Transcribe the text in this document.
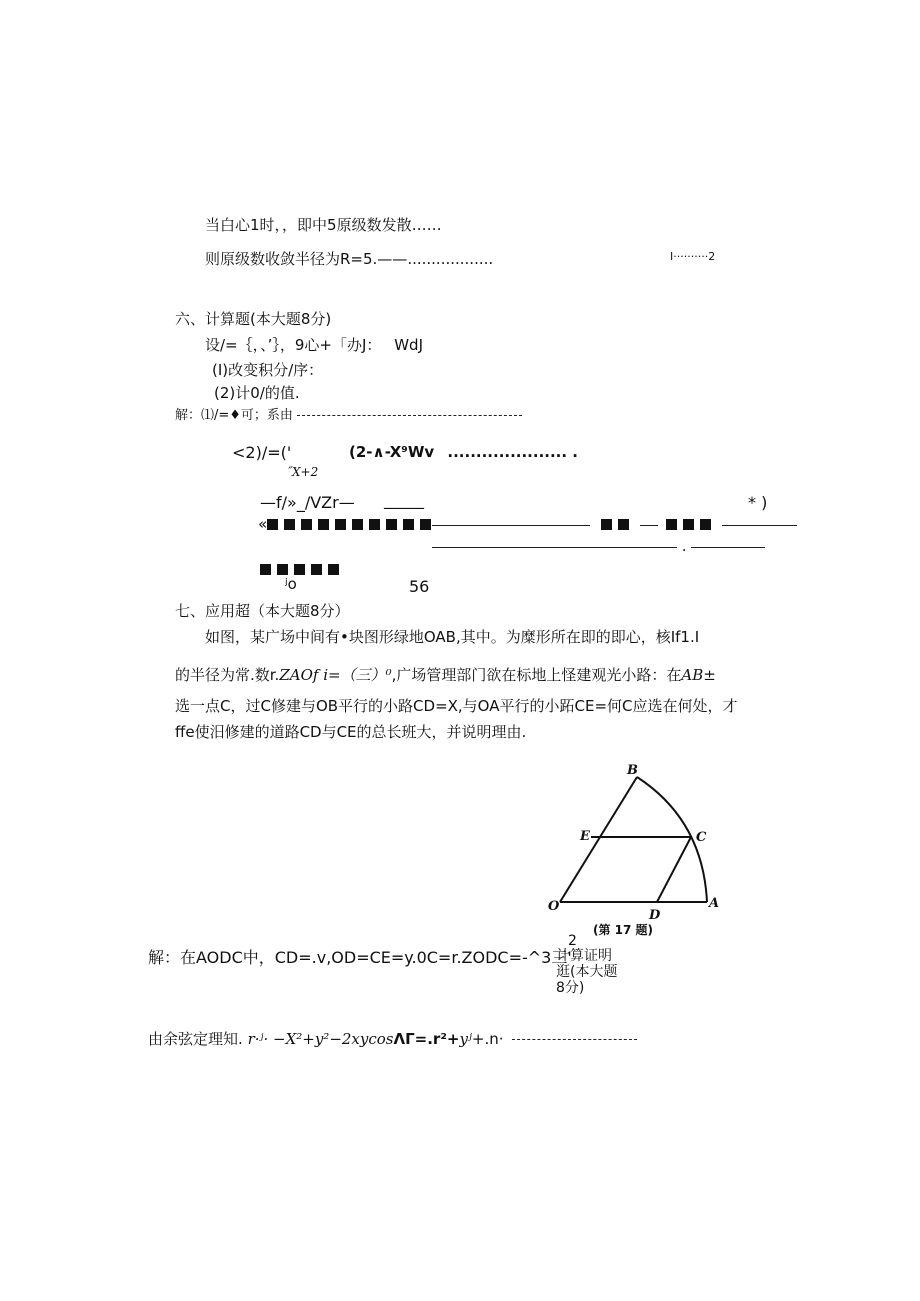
当白心1时，，即中5原级数发散……
则原级数收敛半径为R=5.——..................	I··········2
六、计算题(本大题8分)
设/=｛，、’｝，9心+「办J： WdJ
(I)改变积分/序：
(2)计0/的值.
解：⑴/=♦可；系由
<2)/=('	(2-∧-X⁹Wv ..................... .
˝X+2
—f/»_/VZr— _____	* )
«

.
ʲo	56
七、应用超（本大题8分）
如图，某广场中间有•块图形绿地OAB,其中。为糜形所在即的即心，核If1.I
的半径为常.数r.ZAOf i=（三）⁰,广场管理部门欲在标地上怪建观光小路：在AB±
选一点C，过C修建与OB平行的小路CD=X,与OA平行的小跖CE=何C应选在何处，才
ffe使汨修建的道路CD与CE的总长班大，并说明理由.
B
E	C
O
D
A
(第 17 题)
解：在AODC中，CD=.v,OD=CE=y.0C=r.ZODC=-^3三'
2
计算证明
逛(本大题
8分)
由余弦定理知. r·ʲ· −X²+y²−2xycosΛΓ=.r²+yʲ+.n·
